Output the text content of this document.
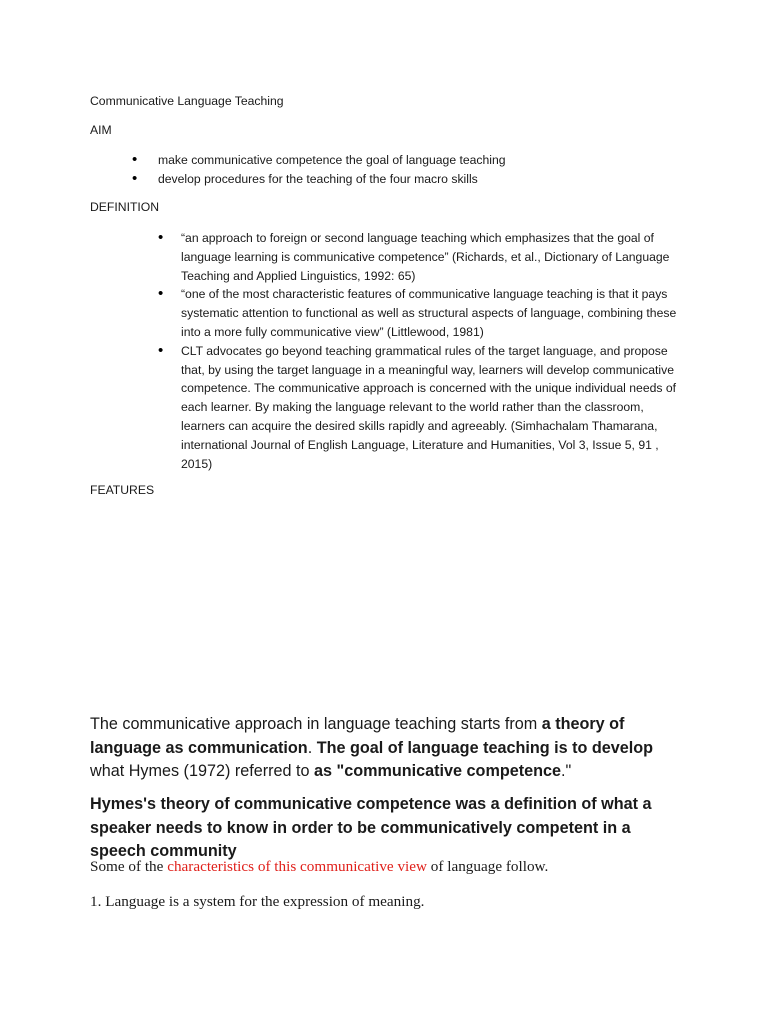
Communicative Language Teaching

AIM

• make communicative competence the goal of language teaching
• develop procedures for the teaching of the four macro skills

DEFINITION

• “an approach to foreign or second language teaching which emphasizes that the goal of language learning is communicative competence” (Richards, et al., Dictionary of Language Teaching and Applied Linguistics, 1992: 65)
• “one of the most characteristic features of communicative language teaching is that it pays systematic attention to functional as well as structural aspects of language, combining these into a more fully communicative view” (Littlewood, 1981)
• CLT advocates go beyond teaching grammatical rules of the target language, and propose that, by using the target language in a meaningful way, learners will develop communicative competence. The communicative approach is concerned with the unique individual needs of each learner. By making the language relevant to the world rather than the classroom, learners can acquire the desired skills rapidly and agreeably. (Simhachalam Thamarana, international Journal of English Language, Literature and Humanities, Vol 3, Issue 5, 91 , 2015)

FEATURES

The communicative approach in language teaching starts from a theory of language as communication. The goal of language teaching is to develop what Hymes (1972) referred to as "communicative competence."

Hymes's theory of communicative competence was a definition of what a speaker needs to know in order to be communicatively competent in a speech community

Some of the characteristics of this communicative view of language follow.

1. Language is a system for the expression of meaning.
